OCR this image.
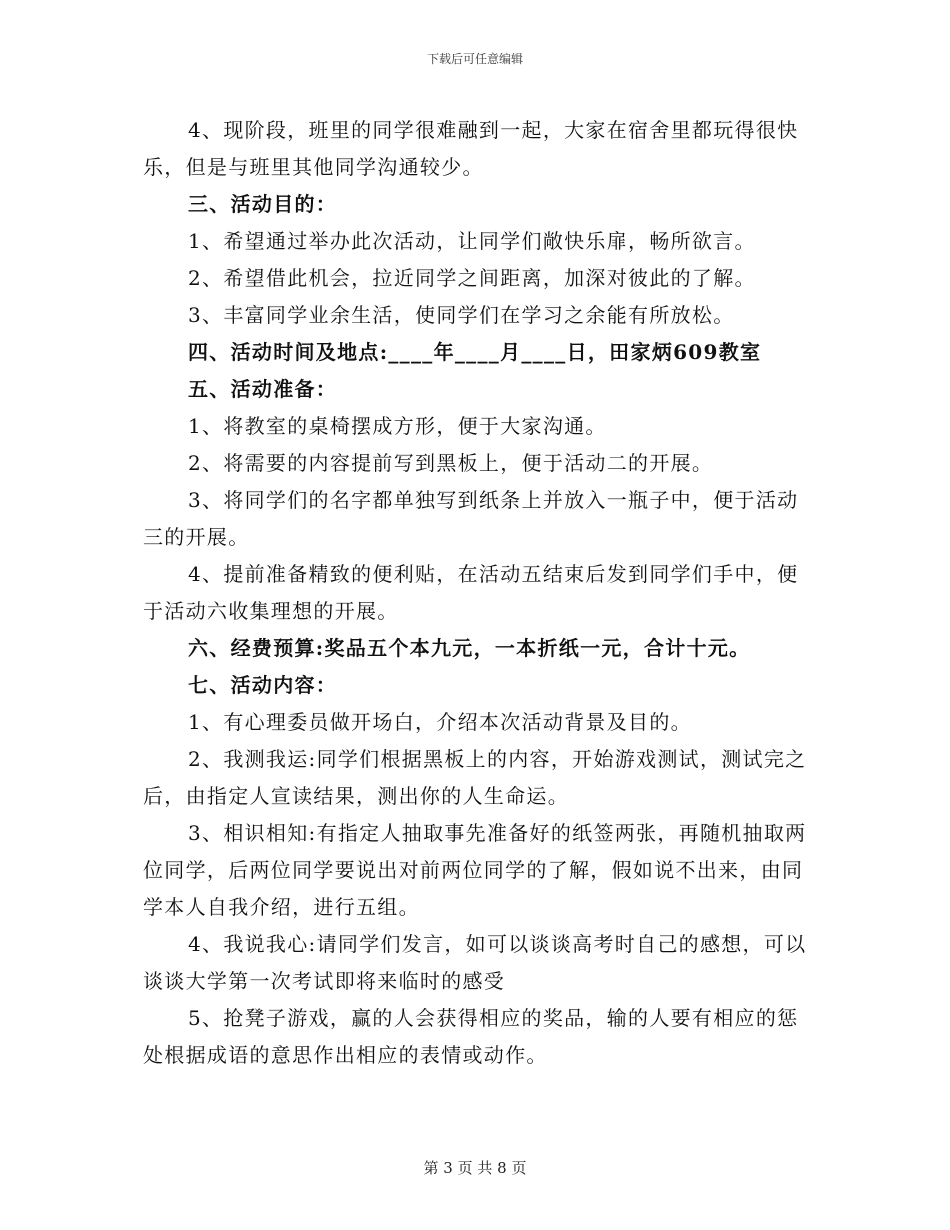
下载后可任意编辑

4、现阶段，班里的同学很难融到一起，大家在宿舍里都玩得很快乐，但是与班里其他同学沟通较少。

三、活动目的：

1、希望通过举办此次活动，让同学们敞快乐扉，畅所欲言。

2、希望借此机会，拉近同学之间距离，加深对彼此的了解。

3、丰富同学业余生活，使同学们在学习之余能有所放松。

四、活动时间及地点:____年____月____日，田家炳609教室

五、活动准备：

1、将教室的桌椅摆成方形，便于大家沟通。

2、将需要的内容提前写到黑板上，便于活动二的开展。

3、将同学们的名字都单独写到纸条上并放入一瓶子中，便于活动三的开展。

4、提前准备精致的便利贴，在活动五结束后发到同学们手中，便于活动六收集理想的开展。

六、经费预算:奖品五个本九元，一本折纸一元，合计十元。

七、活动内容：

1、有心理委员做开场白，介绍本次活动背景及目的。

2、我测我运:同学们根据黑板上的内容，开始游戏测试，测试完之后，由指定人宣读结果，测出你的人生命运。

3、相识相知:有指定人抽取事先准备好的纸签两张，再随机抽取两位同学，后两位同学要说出对前两位同学的了解，假如说不出来，由同学本人自我介绍，进行五组。

4、我说我心:请同学们发言，如可以谈谈高考时自己的感想，可以谈谈大学第一次考试即将来临时的感受

5、抢凳子游戏，赢的人会获得相应的奖品，输的人要有相应的惩处根据成语的意思作出相应的表情或动作。

第 3 页 共 8 页
